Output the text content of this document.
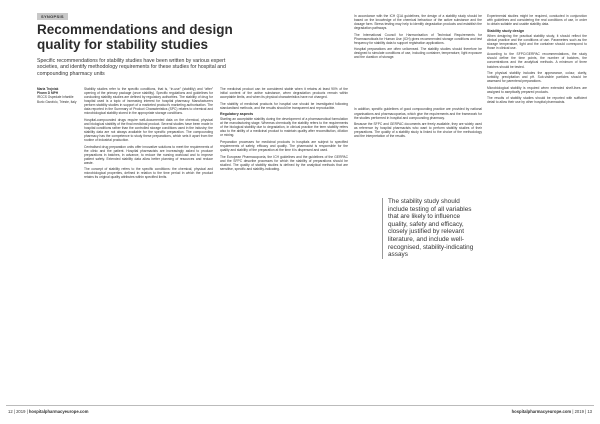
SYNOPSIS
Recommendations and design quality for stability studies

Specific recommendations for stability studies have been written by various expert societies, and identify methodology requirements for these studies for hospital and compounding pharmacy units

Maria Trojniak
Pharm D MPH
IRCCS Ospedale Infantile Burlo Garofolo, Trieste, Italy

Stability studies refer to the specific conditions, that is, “in-use” (stability) and “after” opening of the primary package (once stability). Specific regulations and guidelines for conducting stability studies are defined by regulatory authorities. The stability of drug for hospital used is a topic of increasing interest for hospital pharmacy. Manufacturers perform stability studies in support of a marketed product’s marketing authorisation. The data reported in the Summary of Product Characteristics (SPC) relates to chemical and microbiological stability stored in the appropriate storage conditions.

Hospital-compounded drugs require well-documented data on the chemical, physical and biological stability of the final medicinal product. Several studies have been made in hospital conditions rather than the controlled storage conditions used in the industry; the stability data are not always available for the specific preparation. The compounding pharmacy has the competence to study these preparations, which sets it apart from the routine of industrial production.

Centralised drug preparation units offer innovative solutions to meet the requirements of the clinic and the patient. Hospital pharmacists are increasingly asked to produce preparations in batches, in advance, to reduce the nursing workload and to improve patient safety. Extended stability data allow better planning of resources and reduce waste.

The concept of stability refers to the specific conditions: the chemical, physical and microbiological properties, defined in relation to the time period in which the product retains its original quality attributes within specified limits.

The medicinal product can be considered stable when it retains at least 90% of the initial content of the active substance, when degradation products remain within acceptable limits, and when its physical characteristics have not changed.

The stability of medicinal products for hospital use should be investigated following standardised methods, and the results should be transparent and reproducible.

Regulatory aspects

Starting an acceptable stability during the development of a pharmaceutical formulation at the manufacturing stage. Whereas chemically the stability refers to the requirements of the biological stability due to degradation, in clinical practice the term stability refers also to the ability of a medicinal product to maintain quality after reconstitution, dilution or mixing.

Preparation processes for medicinal products in hospitals are subject to specified requirements of safety, efficacy and quality. The pharmacist is responsible for the quality and stability of the preparation at the time it is dispensed and used.

The European Pharmacopoeia, the ICH guidelines and the guidelines of the GERPAC and the SFPC describe processes for which the stability of preparations should be studied. The quality of stability studies is defined by the analytical methods that are sensitive, specific and stability-indicating.

In accordance with the ICH Q1A guidelines, the design of a stability study should be based on the knowledge of the chemical behaviour of the active substance and the dosage form. Stress testing may help to identify degradation products and establish the degradation pathways.

The International Council for Harmonisation of Technical Requirements for Pharmaceuticals for Human Use (ICH) gives recommended storage conditions and test frequency for stability data to support registration applications.

Hospital preparations are often unlicensed. The stability studies should therefore be designed to simulate conditions of use, including container, temperature, light exposure and the duration of storage.

In addition, specific guidelines of good compounding practice are provided by national organisations and pharmacopoeias, which give the requirements and the framework for the studies performed in hospital and compounding pharmacy.

Because the SFPC and GERPAC documents are freely available, they are widely used as reference by hospital pharmacists who want to perform stability studies of their preparations. The quality of a stability study is linked to the choice of the methodology and the interpretation of the results.

The stability study should include testing of all variables that are likely to influence quality, safety and efficacy, closely justified by relevant literature, and include well-recognised, stability-indicating assays

Experimental studies might be required, conducted in conjunction with guidelines and considering the real conditions of use, in order to obtain suitable and usable stability data.

Stability study design

When designing the practical stability study, it should reflect the clinical practice and the conditions of use. Parameters such as the storage temperature, light and the container should correspond to those in clinical use.

According to the SFPC/GERPAC recommendations, the study should define the time points, the number of batches, the concentrations and the analytical methods. A minimum of three batches should be tested.

The physical stability includes the appearance, colour, clarity, turbidity, precipitation and pH. Sub-visible particles should be assessed for parenteral preparations.

Microbiological stability is required when extended shelf-lives are assigned to aseptically prepared products.

The results of stability studies should be reported with sufficient detail to allow their use by other hospital pharmacists.

12 | 2019 | hospitalpharmacyeurope.com	hospitalpharmacyeurope.com | 2019 | 13
